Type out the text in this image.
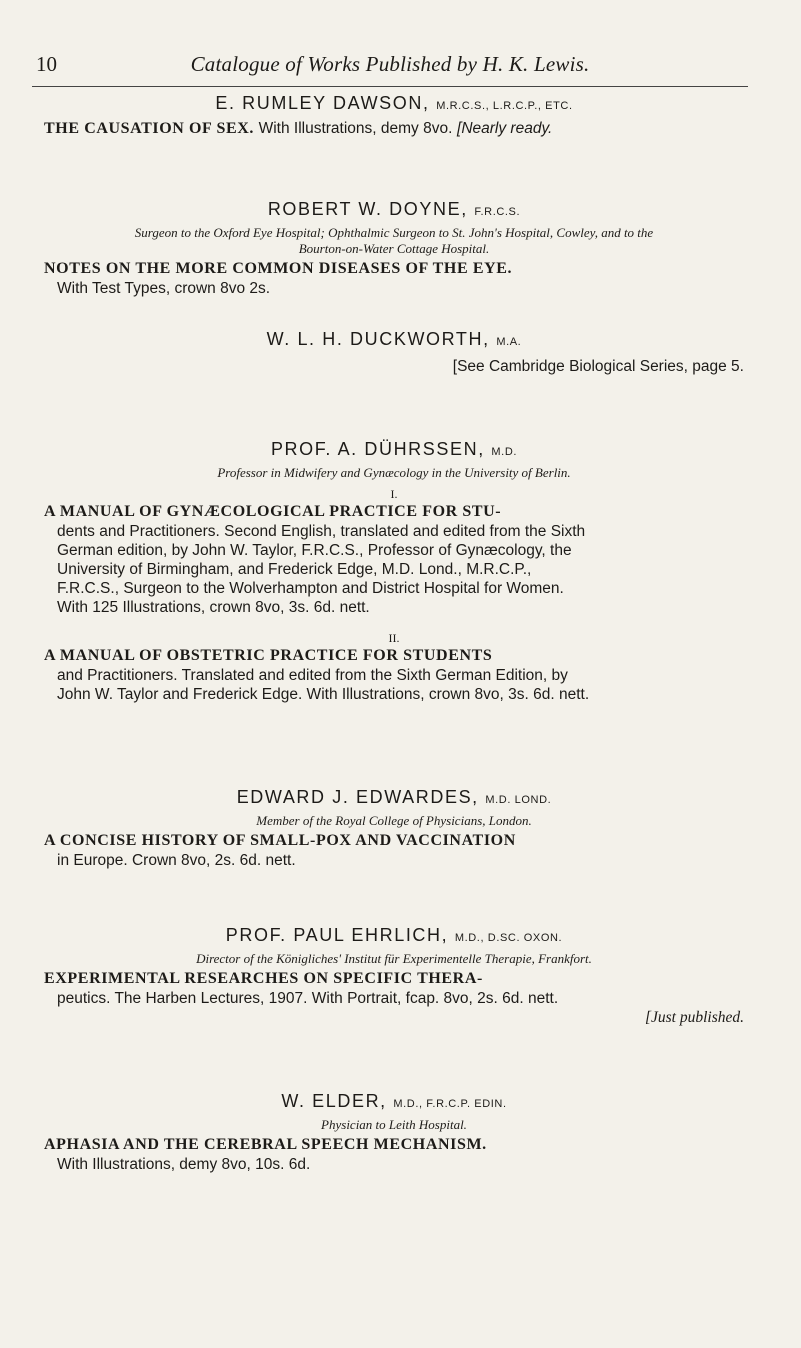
10	Catalogue of Works Published by H. K. Lewis.
E. RUMLEY DAWSON, M.R.C.S., L.R.C.P., ETC.
THE CAUSATION OF SEX. With Illustrations, demy 8vo. [Nearly ready.
ROBERT W. DOYNE, F.R.C.S.
Surgeon to the Oxford Eye Hospital; Ophthalmic Surgeon to St. John's Hospital, Cowley, and to the
Bourton-on-Water Cottage Hospital.
NOTES ON THE MORE COMMON DISEASES OF THE EYE.
With Test Types, crown 8vo 2s.
W. L. H. DUCKWORTH, M.A.
[See Cambridge Biological Series, page 5.
PROF. A. DÜHRSSEN, M.D.
Professor in Midwifery and Gynæcology in the University of Berlin.
I.
A MANUAL OF GYNÆCOLOGICAL PRACTICE FOR STU-
dents and Practitioners. Second English, translated and edited from the Sixth
German edition, by John W. Taylor, F.R.C.S., Professor of Gynæcology, the
University of Birmingham, and Frederick Edge, M.D. Lond., M.R.C.P.,
F.R.C.S., Surgeon to the Wolverhampton and District Hospital for Women.
With 125 Illustrations, crown 8vo, 3s. 6d. nett.
II.
A MANUAL OF OBSTETRIC PRACTICE FOR STUDENTS
and Practitioners. Translated and edited from the Sixth German Edition, by
John W. Taylor and Frederick Edge. With Illustrations, crown 8vo, 3s. 6d. nett.
EDWARD J. EDWARDES, M.D. LOND.
Member of the Royal College of Physicians, London.
A CONCISE HISTORY OF SMALL-POX AND VACCINATION
in Europe. Crown 8vo, 2s. 6d. nett.
PROF. PAUL EHRLICH, M.D., D.SC. OXON.
Director of the Königliches' Institut für Experimentelle Therapie, Frankfort.
EXPERIMENTAL RESEARCHES ON SPECIFIC THERA-
peutics. The Harben Lectures, 1907. With Portrait, fcap. 8vo, 2s. 6d. nett.
[Just published.
W. ELDER, M.D., F.R.C.P. EDIN.
Physician to Leith Hospital.
APHASIA AND THE CEREBRAL SPEECH MECHANISM.
With Illustrations, demy 8vo, 10s. 6d.
